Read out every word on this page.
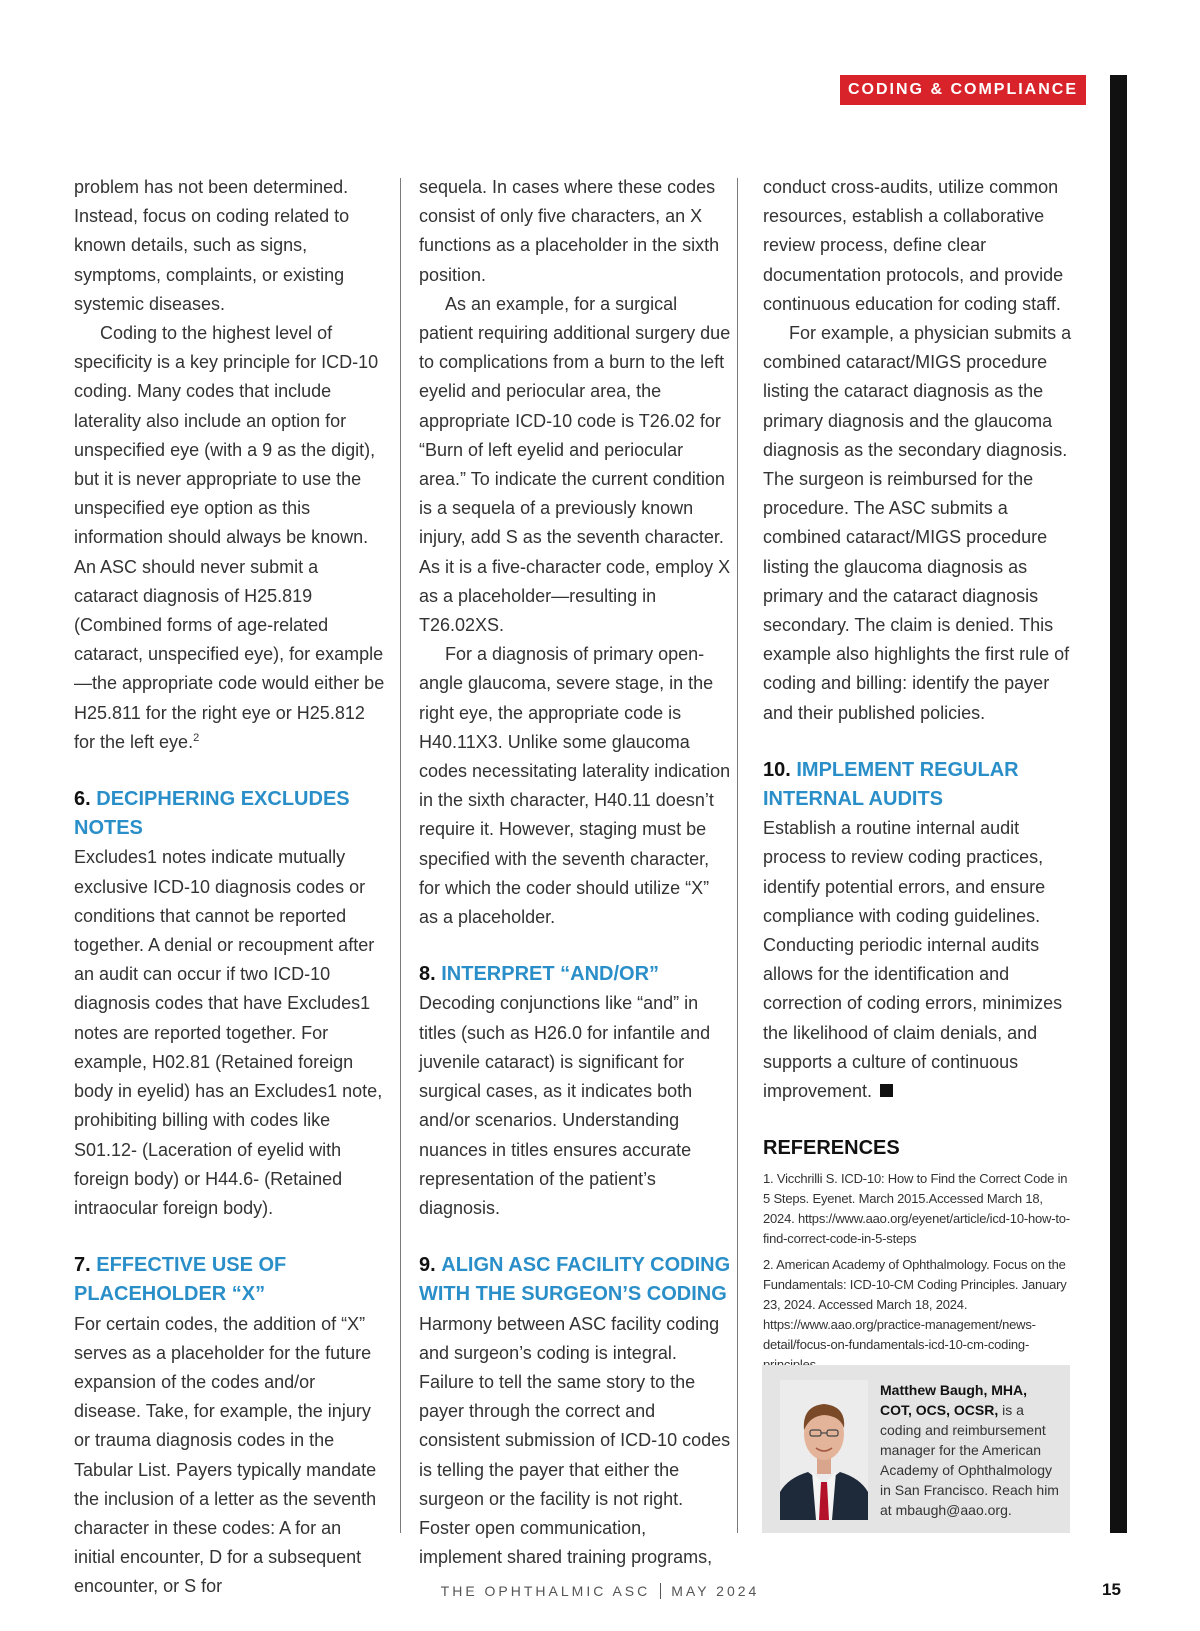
CODING & COMPLIANCE

problem has not been determined. Instead, focus on coding related to known details, such as signs, symptoms, complaints, or existing systemic diseases.

Coding to the highest level of specificity is a key principle for ICD-10 coding. Many codes that include laterality also include an option for unspecified eye (with a 9 as the digit), but it is never appropriate to use the unspecified eye option as this information should always be known. An ASC should never submit a cataract diagnosis of H25.819 (Combined forms of age-related cataract, unspecified eye), for example—the appropriate code would either be H25.811 for the right eye or H25.812 for the left eye.$^2$

6. DECIPHERING EXCLUDES NOTES

Excludes1 notes indicate mutually exclusive ICD-10 diagnosis codes or conditions that cannot be reported together. A denial or recoupment after an audit can occur if two ICD-10 diagnosis codes that have Excludes1 notes are reported together. For example, H02.81 (Retained foreign body in eyelid) has an Excludes1 note, prohibiting billing with codes like S01.12- (Laceration of eyelid with foreign body) or H44.6- (Retained intraocular foreign body).

7. EFFECTIVE USE OF PLACEHOLDER “X”

For certain codes, the addition of “X” serves as a placeholder for the future expansion of the codes and/or disease. Take, for example, the injury or trauma diagnosis codes in the Tabular List. Payers typically mandate the inclusion of a letter as the seventh character in these codes: A for an initial encounter, D for a subsequent encounter, or S for

sequela. In cases where these codes consist of only five characters, an X functions as a placeholder in the sixth position.

As an example, for a surgical patient requiring additional surgery due to complications from a burn to the left eyelid and periocular area, the appropriate ICD-10 code is T26.02 for “Burn of left eyelid and periocular area.” To indicate the current condition is a sequela of a previously known injury, add S as the seventh character. As it is a five-character code, employ X as a placeholder—resulting in T26.02XS.

For a diagnosis of primary open-angle glaucoma, severe stage, in the right eye, the appropriate code is H40.11X3. Unlike some glaucoma codes necessitating laterality indication in the sixth character, H40.11 doesn’t require it. However, staging must be specified with the seventh character, for which the coder should utilize “X” as a placeholder.

8. INTERPRET “AND/OR”

Decoding conjunctions like “and” in titles (such as H26.0 for infantile and juvenile cataract) is significant for surgical cases, as it indicates both and/or scenarios. Understanding nuances in titles ensures accurate representation of the patient’s diagnosis.

9. ALIGN ASC FACILITY CODING WITH THE SURGEON’S CODING

Harmony between ASC facility coding and surgeon’s coding is integral. Failure to tell the same story to the payer through the correct and consistent submission of ICD-10 codes is telling the payer that either the surgeon or the facility is not right. Foster open communication, implement shared training programs,

conduct cross-audits, utilize common resources, establish a collaborative review process, define clear documentation protocols, and provide continuous education for coding staff.

For example, a physician submits a combined cataract/MIGS procedure listing the cataract diagnosis as the primary diagnosis and the glaucoma diagnosis as the secondary diagnosis. The surgeon is reimbursed for the procedure. The ASC submits a combined cataract/MIGS procedure listing the glaucoma diagnosis as primary and the cataract diagnosis secondary. The claim is denied. This example also highlights the first rule of coding and billing: identify the payer and their published policies.

10. IMPLEMENT REGULAR INTERNAL AUDITS

Establish a routine internal audit process to review coding practices, identify potential errors, and ensure compliance with coding guidelines. Conducting periodic internal audits allows for the identification and correction of coding errors, minimizes the likelihood of claim denials, and supports a culture of continuous improvement.

REFERENCES

1. Vicchrilli S. ICD-10: How to Find the Correct Code in 5 Steps. Eyenet. March 2015.Accessed March 18, 2024. https://www.aao.org/eyenet/article/icd-10-how-to-find-correct-code-in-5-steps

2. American Academy of Ophthalmology. Focus on the Fundamentals: ICD-10-CM Coding Principles. January 23, 2024. Accessed March 18, 2024. https://www.aao.org/practice-management/news-detail/focus-on-fundamentals-icd-10-cm-coding-

Matthew Baugh, MHA, COT, OCS, OCSR, is a coding and reimbursement manager for the American Academy of Ophthalmology in San Francisco. Reach him at mbaugh@aao.org.
THE OPHTHALMIC ASC MAY 2024	15
